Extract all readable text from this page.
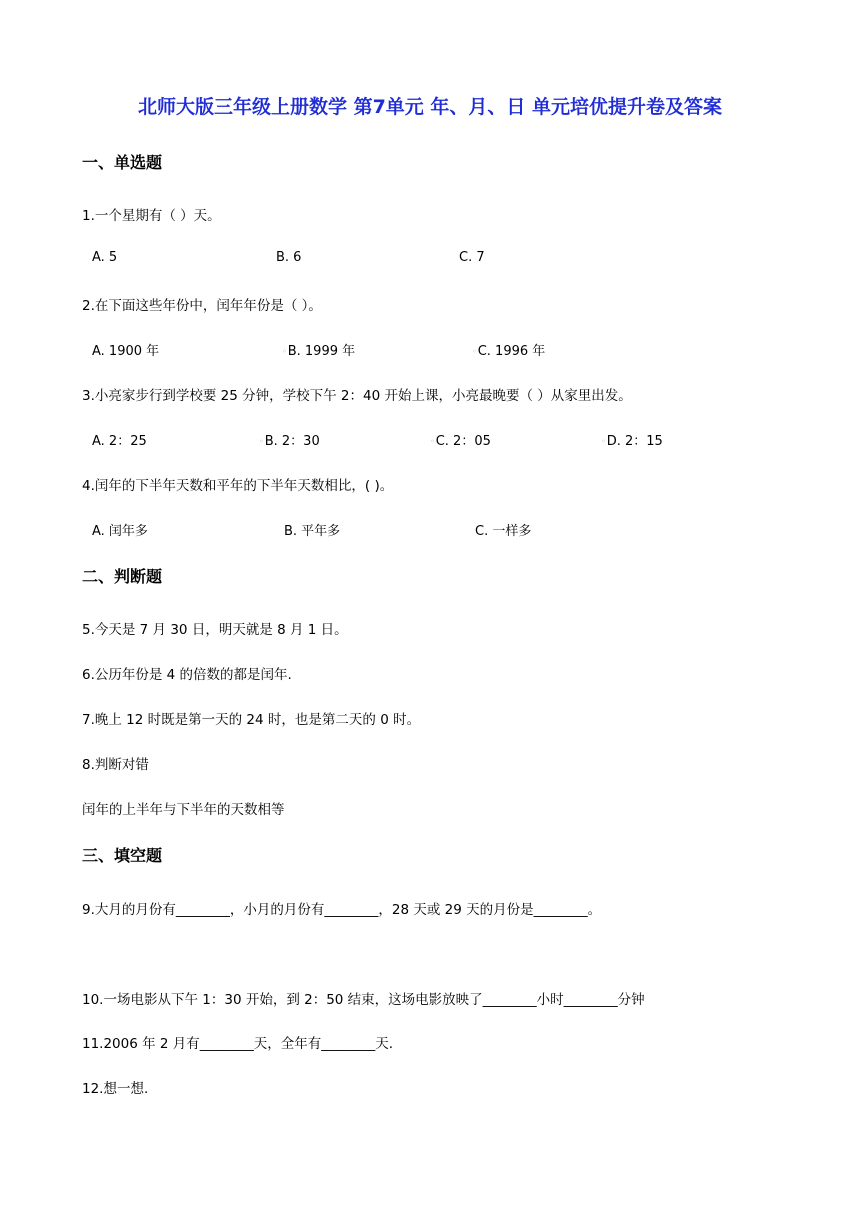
北师大版三年级上册数学 第7单元 年、月、日 单元培优提升卷及答案
一、单选题
1.一个星期有（ ）天。
A. 5	B. 6	C. 7
2.在下面这些年份中，闰年年份是（ ）。
A. 1900 年	◦B. 1999 年	◦C. 1996 年
3.小亮家步行到学校要 25 分钟，学校下午 2：40 开始上课，小亮最晚要（ ）从家里出发。
A. 2：25	◦B. 2：30	◦C. 2：05	◦D. 2：15
4.闰年的下半年天数和平年的下半年天数相比，( )。
A. 闰年多	B. 平年多	C. 一样多
二、判断题
5.今天是 7 月 30 日，明天就是 8 月 1 日。
6.公历年份是 4 的倍数的都是闰年.
7.晚上 12 时既是第一天的 24 时，也是第二天的 0 时。
8.判断对错
闰年的上半年与下半年的天数相等
三、填空题
9.大月的月份有________，小月的月份有________，28 天或 29 天的月份是________。
10.一场电影从下午 1：30 开始，到 2：50 结束，这场电影放映了________小时________分钟
11.2006 年 2 月有________天，全年有________天.
12.想一想.
